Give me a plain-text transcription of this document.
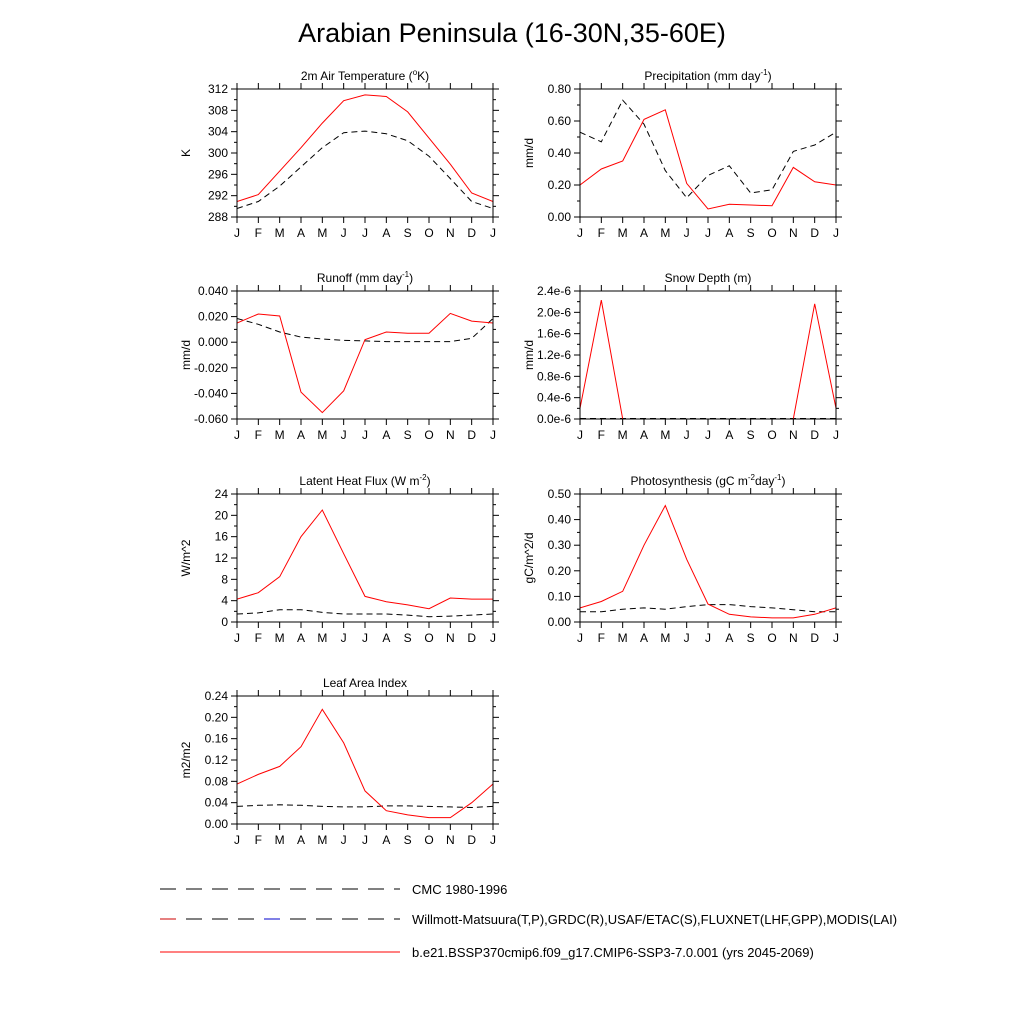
Arabian Peninsula (16-30N,35-60E)
2m Air Temperature ($^o$K)
K
288
292
296
300
304
308
312
J F M A M J J A S O N D J
Precipitation (mm day$^{-1}$)
mm/d
0.00
0.20
0.40
0.60
0.80
J F M A M J J A S O N D J
Runoff (mm day$^{-1}$)
mm/d
-0.060
-0.040
-0.020
0.000
0.020
0.040
J F M A M J J A S O N D J
Snow Depth (m)
mm/d
0.0e-6
0.4e-6
0.8e-6
1.2e-6
1.6e-6
2.0e-6
2.4e-6
J F M A M J J A S O N D J
Latent Heat Flux (W $m^{-2}$)
W/m^2
0
4
8
12
16
20
24
J F M A M J J A S O N D J
Photosynthesis (gC $m^{-2}day^{-1}$)
gC/m^2/d
0.00
0.10
0.20
0.30
0.40
0.50
J F M A M J J A S O N D J
Leaf Area Index
m2/m2
0.00
0.04
0.08
0.12
0.16
0.20
0.24
J F M A M J J A S O N D J
CMC 1980-1996
Willmott-Matsuura(T,P),GRDC(R),USAF/ETAC(S),FLUXNET(LHF,GPP),MODIS(LAI)
b.e21.BSSP370cmip6.f09_g17.CMIP6-SSP3-7.0.001 (yrs 2045-2069)
